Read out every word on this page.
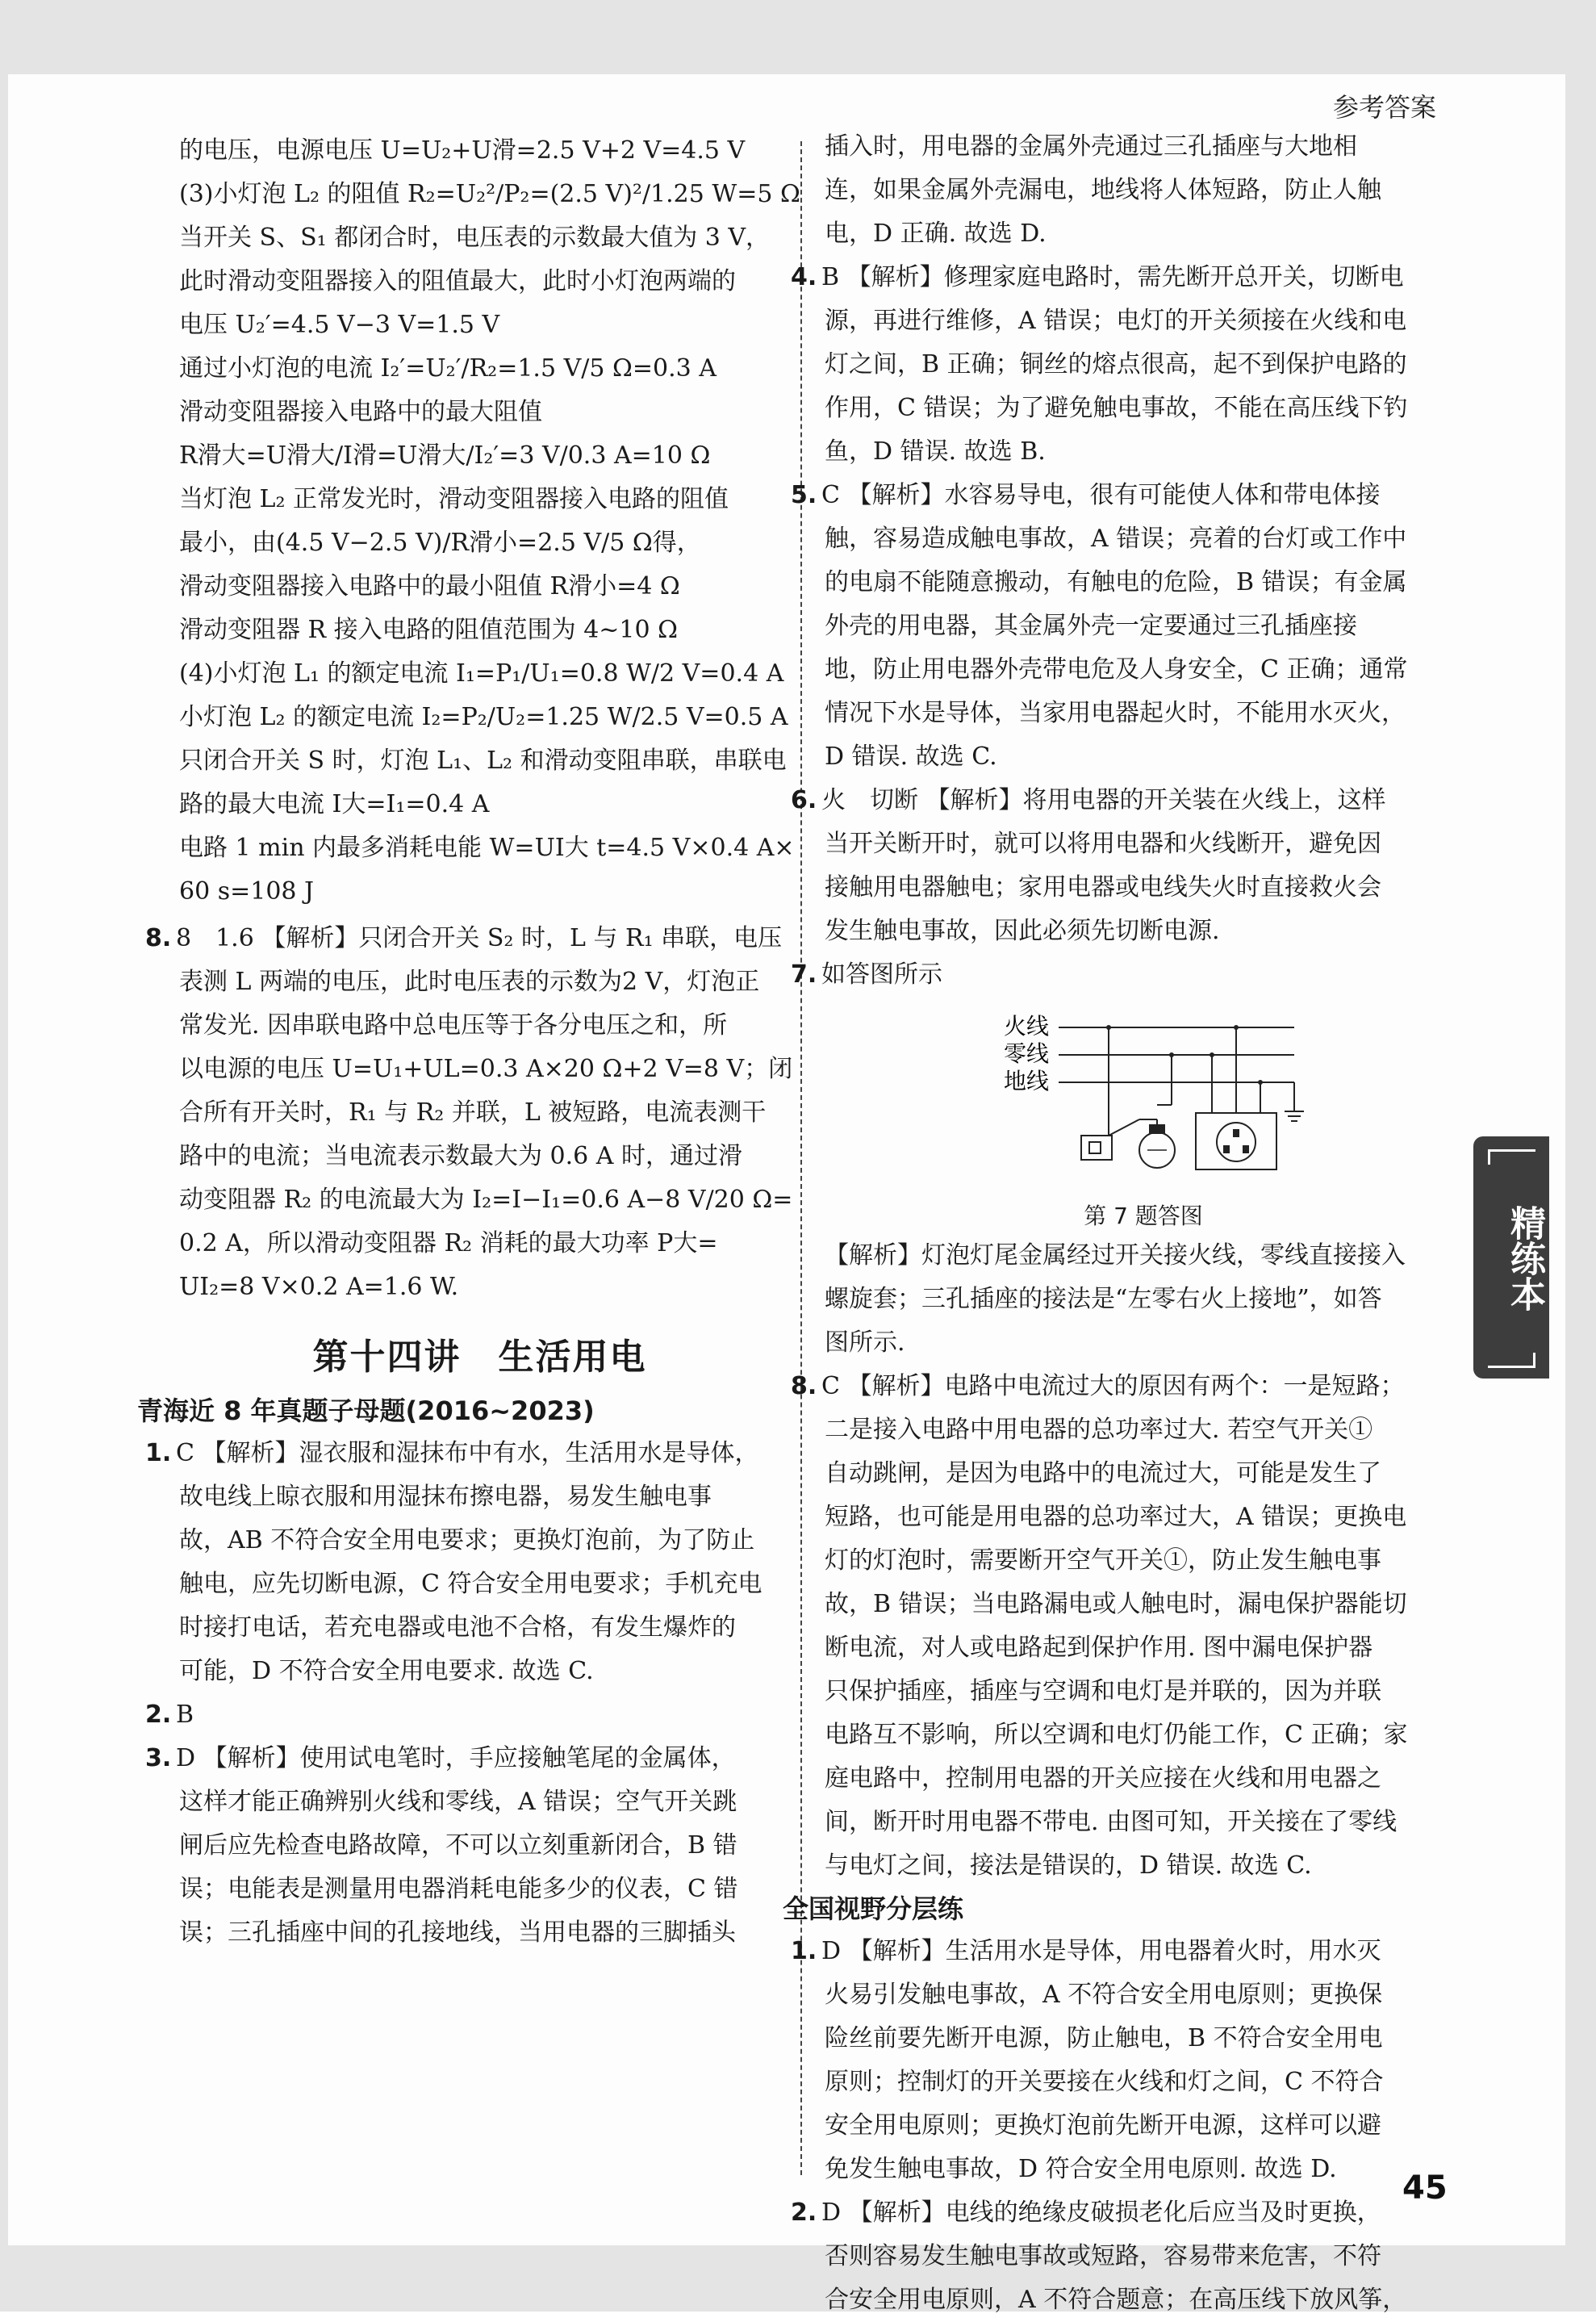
参考答案
的电压，电源电压 U=U₂+U滑=2.5 V+2 V=4.5 V
(3)小灯泡 L₂ 的阻值 R₂=U₂²/P₂=(2.5 V)²/1.25 W=5 Ω
当开关 S、S₁ 都闭合时，电压表的示数最大值为 3 V，
此时滑动变阻器接入的阻值最大，此时小灯泡两端的
电压 U₂′=4.5 V−3 V=1.5 V
通过小灯泡的电流 I₂′=U₂′/R₂=1.5 V/5 Ω=0.3 A
滑动变阻器接入电路中的最大阻值
R滑大=U滑大/I滑=U滑大/I₂′=3 V/0.3 A=10 Ω
当灯泡 L₂ 正常发光时，滑动变阻器接入电路的阻值
最小，由(4.5 V−2.5 V)/R滑小=2.5 V/5 Ω得，
滑动变阻器接入电路中的最小阻值 R滑小=4 Ω
滑动变阻器 R 接入电路的阻值范围为 4~10 Ω
(4)小灯泡 L₁ 的额定电流 I₁=P₁/U₁=0.8 W/2 V=0.4 A
小灯泡 L₂ 的额定电流 I₂=P₂/U₂=1.25 W/2.5 V=0.5 A
只闭合开关 S 时，灯泡 L₁、L₂ 和滑动变阻串联，串联电
路的最大电流 I大=I₁=0.4 A
电路 1 min 内最多消耗电能 W=UI大 t=4.5 V×0.4 A×
60 s=108 J
8. 8　1.6 【解析】只闭合开关 S₂ 时，L 与 R₁ 串联，电压
表测 L 两端的电压，此时电压表的示数为2 V，灯泡正
常发光. 因串联电路中总电压等于各分电压之和，所
以电源的电压 U=U₁+UL=0.3 A×20 Ω+2 V=8 V；闭
合所有开关时，R₁ 与 R₂ 并联，L 被短路，电流表测干
路中的电流；当电流表示数最大为 0.6 A 时，通过滑
动变阻器 R₂ 的电流最大为 I₂=I−I₁=0.6 A−8 V/20 Ω=
0.2 A，所以滑动变阻器 R₂ 消耗的最大功率 P大=
UI₂=8 V×0.2 A=1.6 W.
第十四讲　生活用电
青海近 8 年真题子母题(2016~2023)
1. C 【解析】湿衣服和湿抹布中有水，生活用水是导体，
故电线上晾衣服和用湿抹布擦电器，易发生触电事
故，AB 不符合安全用电要求；更换灯泡前，为了防止
触电，应先切断电源，C 符合安全用电要求；手机充电
时接打电话，若充电器或电池不合格，有发生爆炸的
可能，D 不符合安全用电要求. 故选 C.
2. B
3. D 【解析】使用试电笔时，手应接触笔尾的金属体，
这样才能正确辨别火线和零线，A 错误；空气开关跳
闸后应先检查电路故障，不可以立刻重新闭合，B 错
误；电能表是测量用电器消耗电能多少的仪表，C 错
误；三孔插座中间的孔接地线，当用电器的三脚插头
插入时，用电器的金属外壳通过三孔插座与大地相
连，如果金属外壳漏电，地线将人体短路，防止人触
电，D 正确. 故选 D.
4. B 【解析】修理家庭电路时，需先断开总开关，切断电
源，再进行维修，A 错误；电灯的开关须接在火线和电
灯之间，B 正确；铜丝的熔点很高，起不到保护电路的
作用，C 错误；为了避免触电事故，不能在高压线下钓
鱼，D 错误. 故选 B.
5. C 【解析】水容易导电，很有可能使人体和带电体接
触，容易造成触电事故，A 错误；亮着的台灯或工作中
的电扇不能随意搬动，有触电的危险，B 错误；有金属
外壳的用电器，其金属外壳一定要通过三孔插座接
地，防止用电器外壳带电危及人身安全，C 正确；通常
情况下水是导体，当家用电器起火时，不能用水灭火，
D 错误. 故选 C.
6. 火　切断 【解析】将用电器的开关装在火线上，这样
当开关断开时，就可以将用电器和火线断开，避免因
接触用电器触电；家用电器或电线失火时直接救火会
发生触电事故，因此必须先切断电源.
7. 如答图所示
火线
零线
地线
第 7 题答图
【解析】灯泡灯尾金属经过开关接火线，零线直接接入
螺旋套；三孔插座的接法是“左零右火上接地”，如答
图所示.
8. C 【解析】电路中电流过大的原因有两个：一是短路；
二是接入电路中用电器的总功率过大. 若空气开关①
自动跳闸，是因为电路中的电流过大，可能是发生了
短路，也可能是用电器的总功率过大，A 错误；更换电
灯的灯泡时，需要断开空气开关①，防止发生触电事
故，B 错误；当电路漏电或人触电时，漏电保护器能切
断电流，对人或电路起到保护作用. 图中漏电保护器
只保护插座，插座与空调和电灯是并联的，因为并联
电路互不影响，所以空调和电灯仍能工作，C 正确；家
庭电路中，控制用电器的开关应接在火线和用电器之
间，断开时用电器不带电. 由图可知，开关接在了零线
与电灯之间，接法是错误的，D 错误. 故选 C.
全国视野分层练
1. D 【解析】生活用水是导体，用电器着火时，用水灭
火易引发触电事故，A 不符合安全用电原则；更换保
险丝前要先断开电源，防止触电，B 不符合安全用电
原则；控制灯的开关要接在火线和灯之间，C 不符合
安全用电原则；更换灯泡前先断开电源，这样可以避
免发生触电事故，D 符合安全用电原则. 故选 D.
2. D 【解析】电线的绝缘皮破损老化后应当及时更换，
否则容易发生触电事故或短路，容易带来危害，不符
合安全用电原则，A 不符合题意；在高压线下放风筝，
精练本
45
